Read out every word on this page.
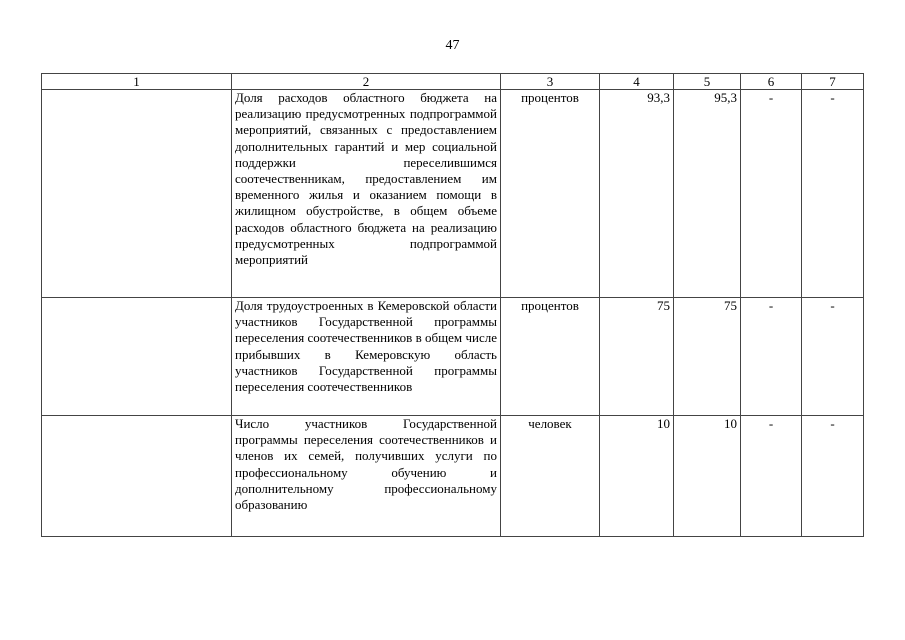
47
1	2	3	4	5	6	7
	Доля расходов областного бюджета на реализацию предусмотренных подпрограммой мероприятий, связанных с предоставлением дополнительных гарантий и мер социальной поддержки переселившимся соотечественникам, предоставлением им временного жилья и оказанием помощи в жилищном обустройстве, в общем объеме расходов областного бюджета на реализацию предусмотренных подпрограммой мероприятий	процентов	93,3	95,3	-	-
	Доля трудоустроенных в Кемеровской области участников Государственной программы переселения соотечественников в общем числе прибывших в Кемеровскую область участников Государственной программы переселения соотечественников	процентов	75	75	-	-
	Число участников Государственной программы переселения соотечественников и членов их семей, получивших услуги по профессиональному обучению и дополнительному профессиональному образованию	человек	10	10	-	-
